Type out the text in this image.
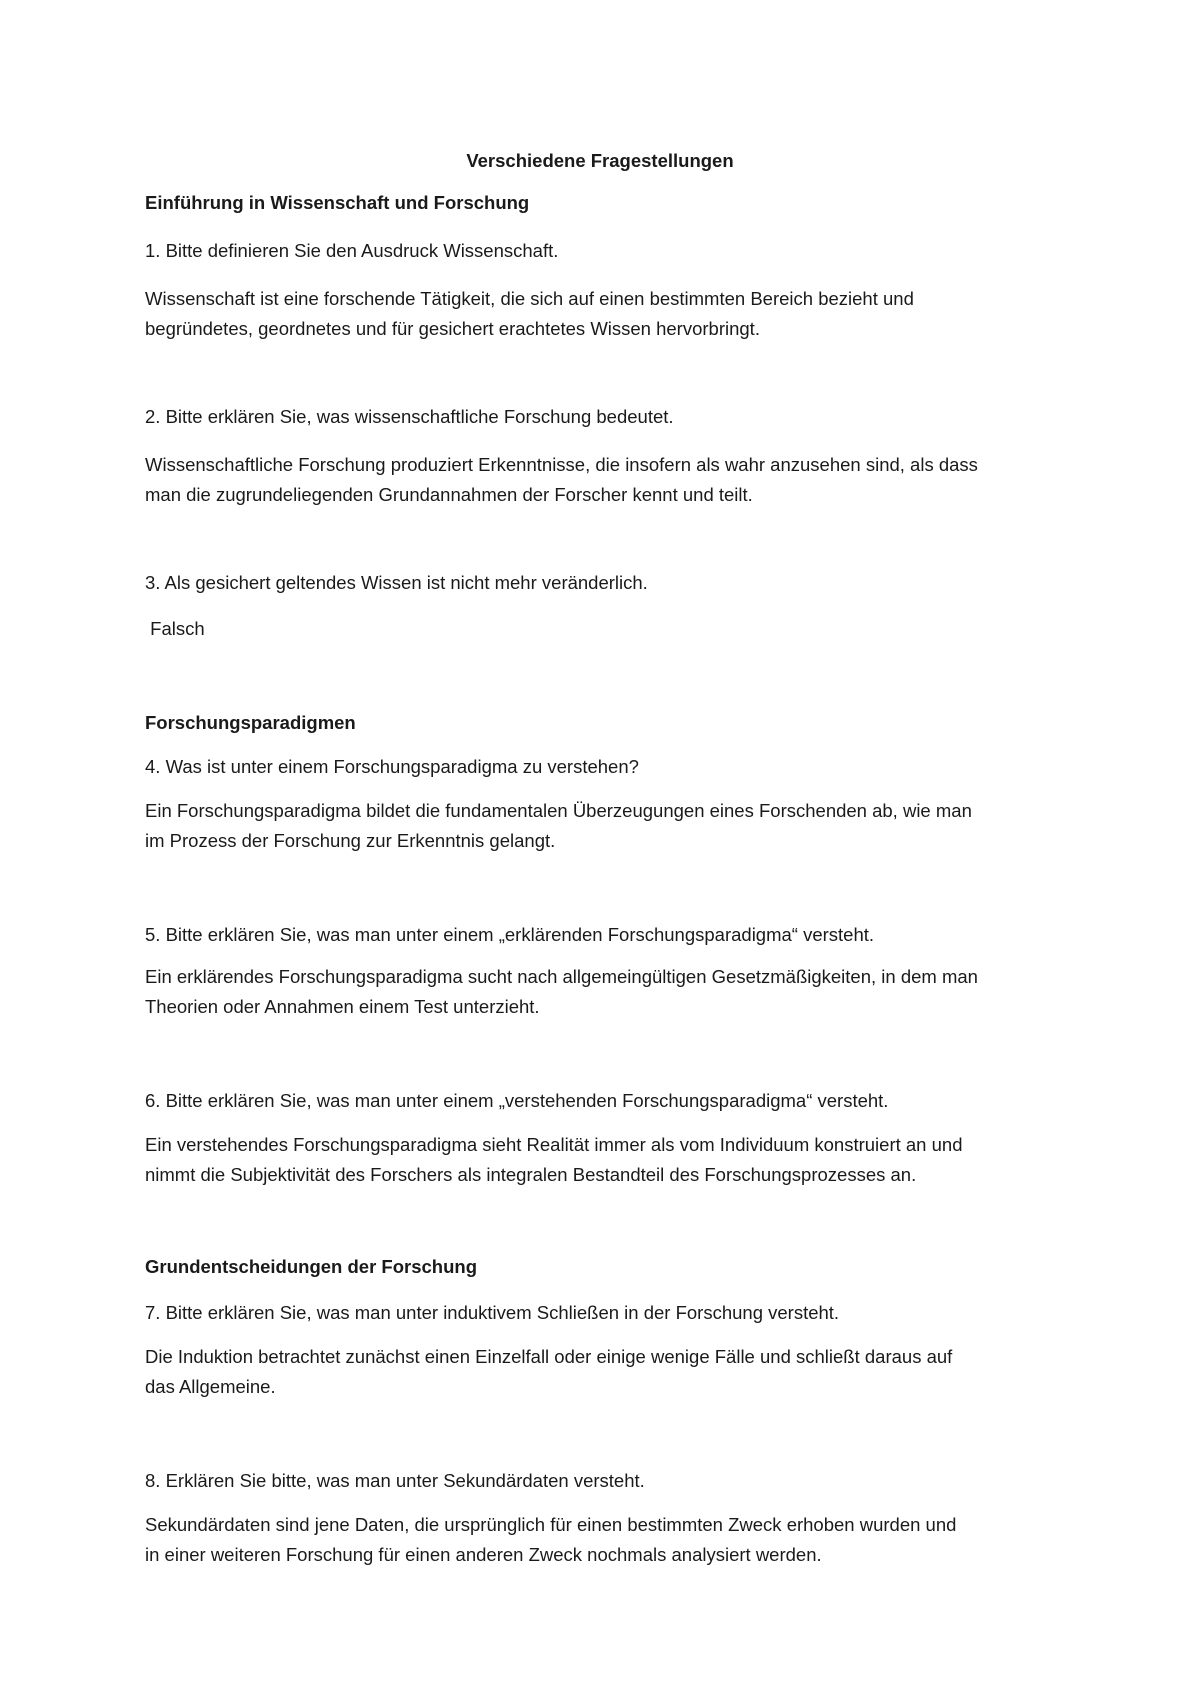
Verschiedene Fragestellungen

Einführung in Wissenschaft und Forschung

1. Bitte definieren Sie den Ausdruck Wissenschaft.

Wissenschaft ist eine forschende Tätigkeit, die sich auf einen bestimmten Bereich bezieht und
begründetes, geordnetes und für gesichert erachtetes Wissen hervorbringt.

2. Bitte erklären Sie, was wissenschaftliche Forschung bedeutet.

Wissenschaftliche Forschung produziert Erkenntnisse, die insofern als wahr anzusehen sind, als dass
man die zugrundeliegenden Grundannahmen der Forscher kennt und teilt.

3. Als gesichert geltendes Wissen ist nicht mehr veränderlich.

Falsch

Forschungsparadigmen

4. Was ist unter einem Forschungsparadigma zu verstehen?

Ein Forschungsparadigma bildet die fundamentalen Überzeugungen eines Forschenden ab, wie man
im Prozess der Forschung zur Erkenntnis gelangt.

5. Bitte erklären Sie, was man unter einem „erklärenden Forschungsparadigma“ versteht.

Ein erklärendes Forschungsparadigma sucht nach allgemeingültigen Gesetzmäßigkeiten, in dem man
Theorien oder Annahmen einem Test unterzieht.

6. Bitte erklären Sie, was man unter einem „verstehenden Forschungsparadigma“ versteht.

Ein verstehendes Forschungsparadigma sieht Realität immer als vom Individuum konstruiert an und
nimmt die Subjektivität des Forschers als integralen Bestandteil des Forschungsprozesses an.

Grundentscheidungen der Forschung

7. Bitte erklären Sie, was man unter induktivem Schließen in der Forschung versteht.

Die Induktion betrachtet zunächst einen Einzelfall oder einige wenige Fälle und schließt daraus auf
das Allgemeine.

8. Erklären Sie bitte, was man unter Sekundärdaten versteht.

Sekundärdaten sind jene Daten, die ursprünglich für einen bestimmten Zweck erhoben wurden und
in einer weiteren Forschung für einen anderen Zweck nochmals analysiert werden.
